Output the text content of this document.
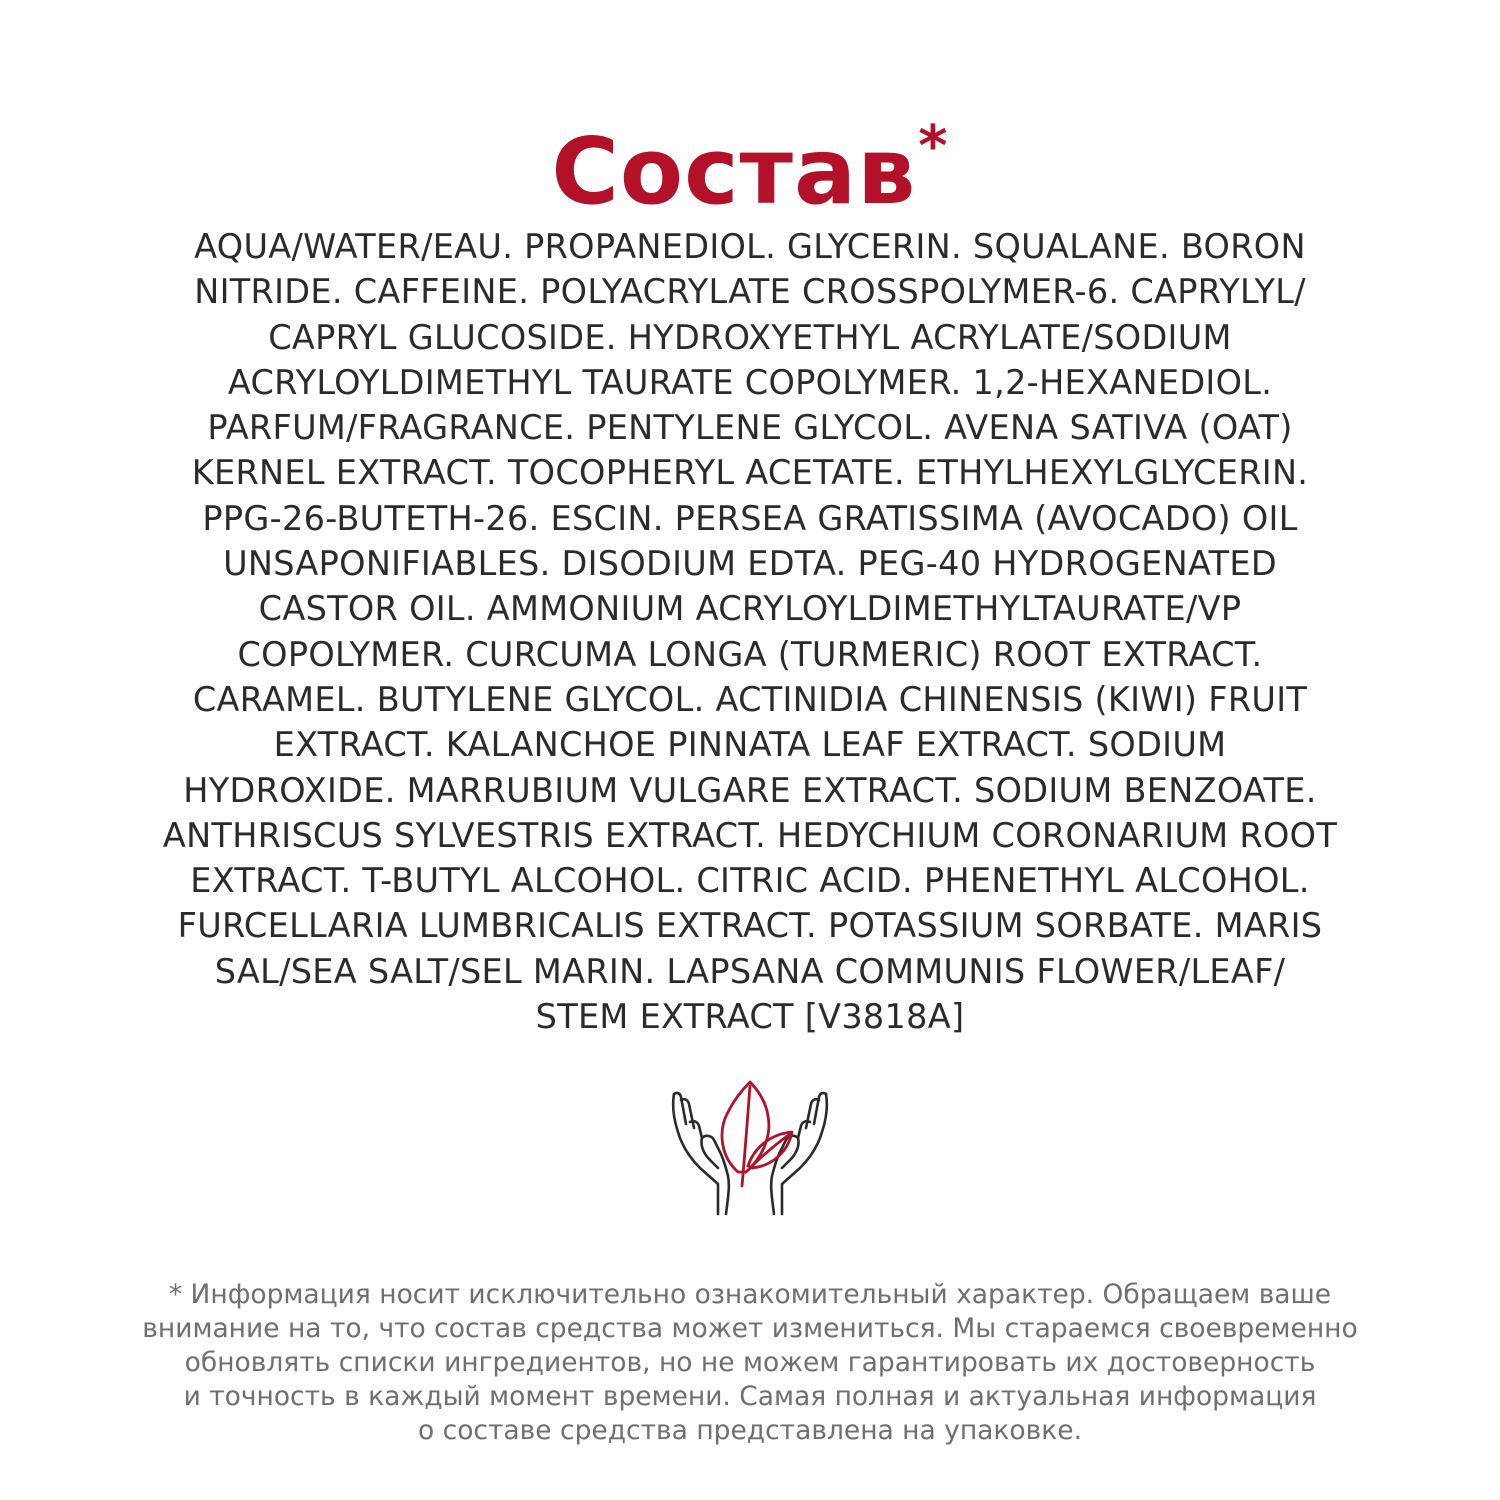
Состав*
AQUA/WATER/EAU. PROPANEDIOL. GLYCERIN. SQUALANE. BORON
NITRIDE. CAFFEINE. POLYACRYLATE CROSSPOLYMER-6. CAPRYLYL/
CAPRYL GLUCOSIDE. HYDROXYETHYL ACRYLATE/SODIUM
ACRYLOYLDIMETHYL TAURATE COPOLYMER. 1,2-HEXANEDIOL.
PARFUM/FRAGRANCE. PENTYLENE GLYCOL. AVENA SATIVA (OAT)
KERNEL EXTRACT. TOCOPHERYL ACETATE. ETHYLHEXYLGLYCERIN.
PPG-26-BUTETH-26. ESCIN. PERSEA GRATISSIMA (AVOCADO) OIL
UNSAPONIFIABLES. DISODIUM EDTA. PEG-40 HYDROGENATED
CASTOR OIL. AMMONIUM ACRYLOYLDIMETHYLTAURATE/VP
COPOLYMER. CURCUMA LONGA (TURMERIC) ROOT EXTRACT.
CARAMEL. BUTYLENE GLYCOL. ACTINIDIA CHINENSIS (KIWI) FRUIT
EXTRACT. KALANCHOE PINNATA LEAF EXTRACT. SODIUM
HYDROXIDE. MARRUBIUM VULGARE EXTRACT. SODIUM BENZOATE.
ANTHRISCUS SYLVESTRIS EXTRACT. HEDYCHIUM CORONARIUM ROOT
EXTRACT. T-BUTYL ALCOHOL. CITRIC ACID. PHENETHYL ALCOHOL.
FURCELLARIA LUMBRICALIS EXTRACT. POTASSIUM SORBATE. MARIS
SAL/SEA SALT/SEL MARIN. LAPSANA COMMUNIS FLOWER/LEAF/
STEM EXTRACT [V3818A]
* Информация носит исключительно ознакомительный характер. Обращаем ваше
внимание на то, что состав средства может измениться. Мы стараемся своевременно
обновлять списки ингредиентов, но не можем гарантировать их достоверность
и точность в каждый момент времени. Самая полная и актуальная информация
о составе средства представлена на упаковке.
